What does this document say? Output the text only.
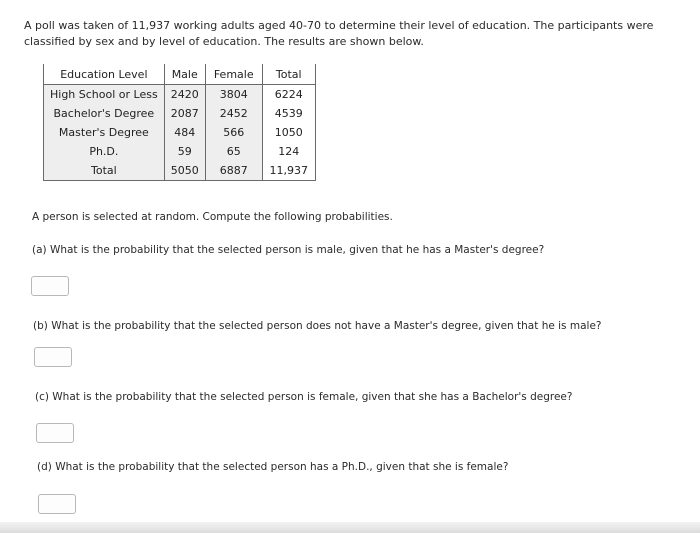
A poll was taken of 11,937 working adults aged 40-70 to determine their level of education. The participants were classified by sex and by level of education. The results are shown below.
Education Level	Male	Female	Total
High School or Less	2420	3804	6224
Bachelor's Degree	2087	2452	4539
Master's Degree	484	566	1050
Ph.D.	59	65	124
Total	5050	6887	11,937
A person is selected at random. Compute the following probabilities.
(a) What is the probability that the selected person is male, given that he has a Master's degree?
(b) What is the probability that the selected person does not have a Master's degree, given that he is male?
(c) What is the probability that the selected person is female, given that she has a Bachelor's degree?
(d) What is the probability that the selected person has a Ph.D., given that she is female?
